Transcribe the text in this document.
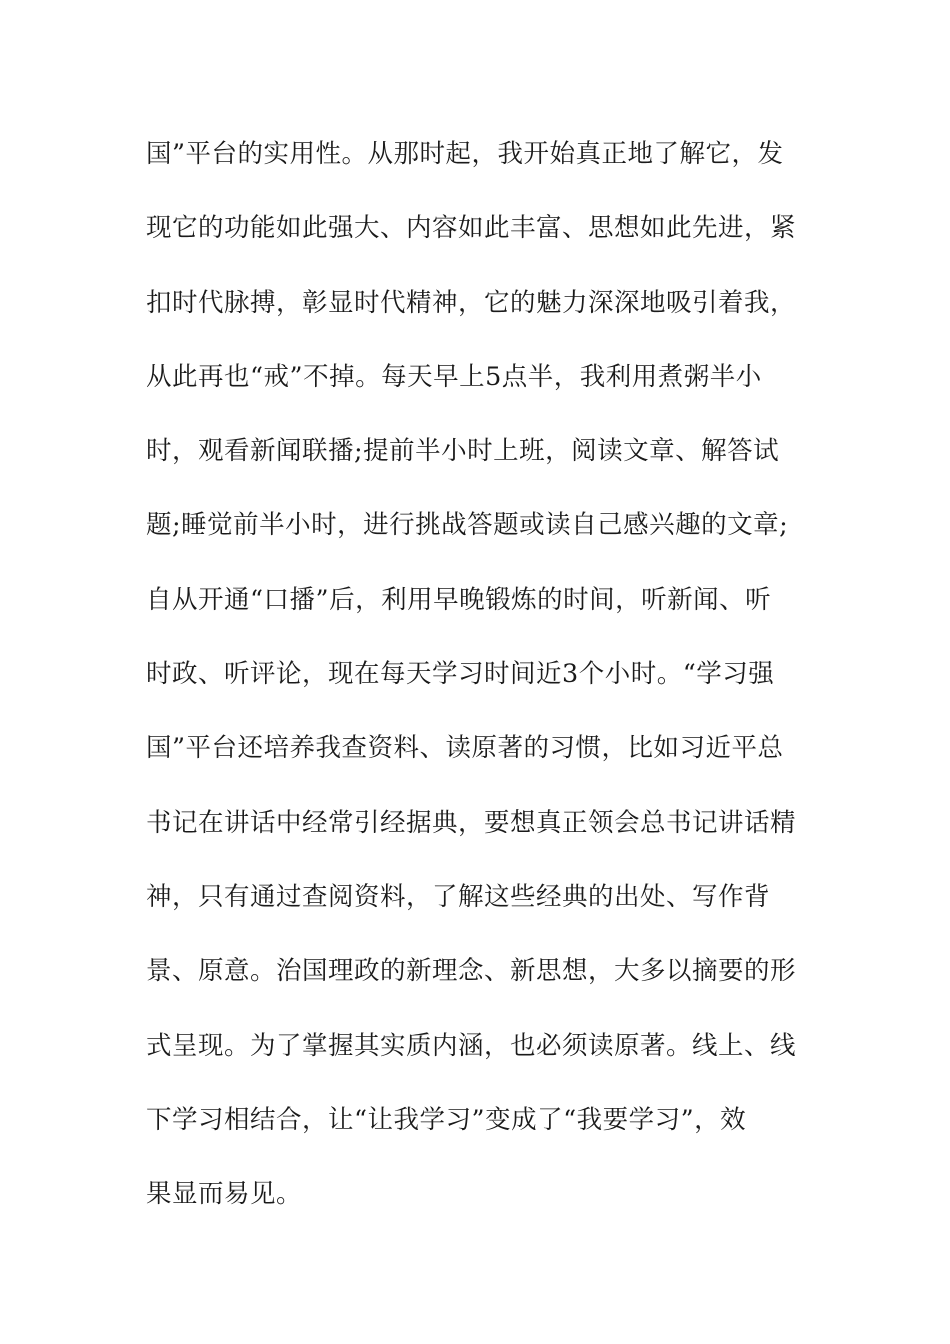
国”平台的实用性。从那时起，我开始真正地了解它，发
现它的功能如此强大、内容如此丰富、思想如此先进，紧
扣时代脉搏，彰显时代精神，它的魅力深深地吸引着我，
从此再也“戒”不掉。每天早上5点半，我利用煮粥半小
时，观看新闻联播;提前半小时上班，阅读文章、解答试
题;睡觉前半小时，进行挑战答题或读自己感兴趣的文章;
自从开通“口播”后，利用早晚锻炼的时间，听新闻、听
时政、听评论，现在每天学习时间近3个小时。“学习强
国”平台还培养我查资料、读原著的习惯，比如习近平总
书记在讲话中经常引经据典，要想真正领会总书记讲话精
神，只有通过查阅资料，了解这些经典的出处、写作背
景、原意。治国理政的新理念、新思想，大多以摘要的形
式呈现。为了掌握其实质内涵，也必须读原著。线上、线
下学习相结合，让“让我学习”变成了“我要学习”，效
果显而易见。
